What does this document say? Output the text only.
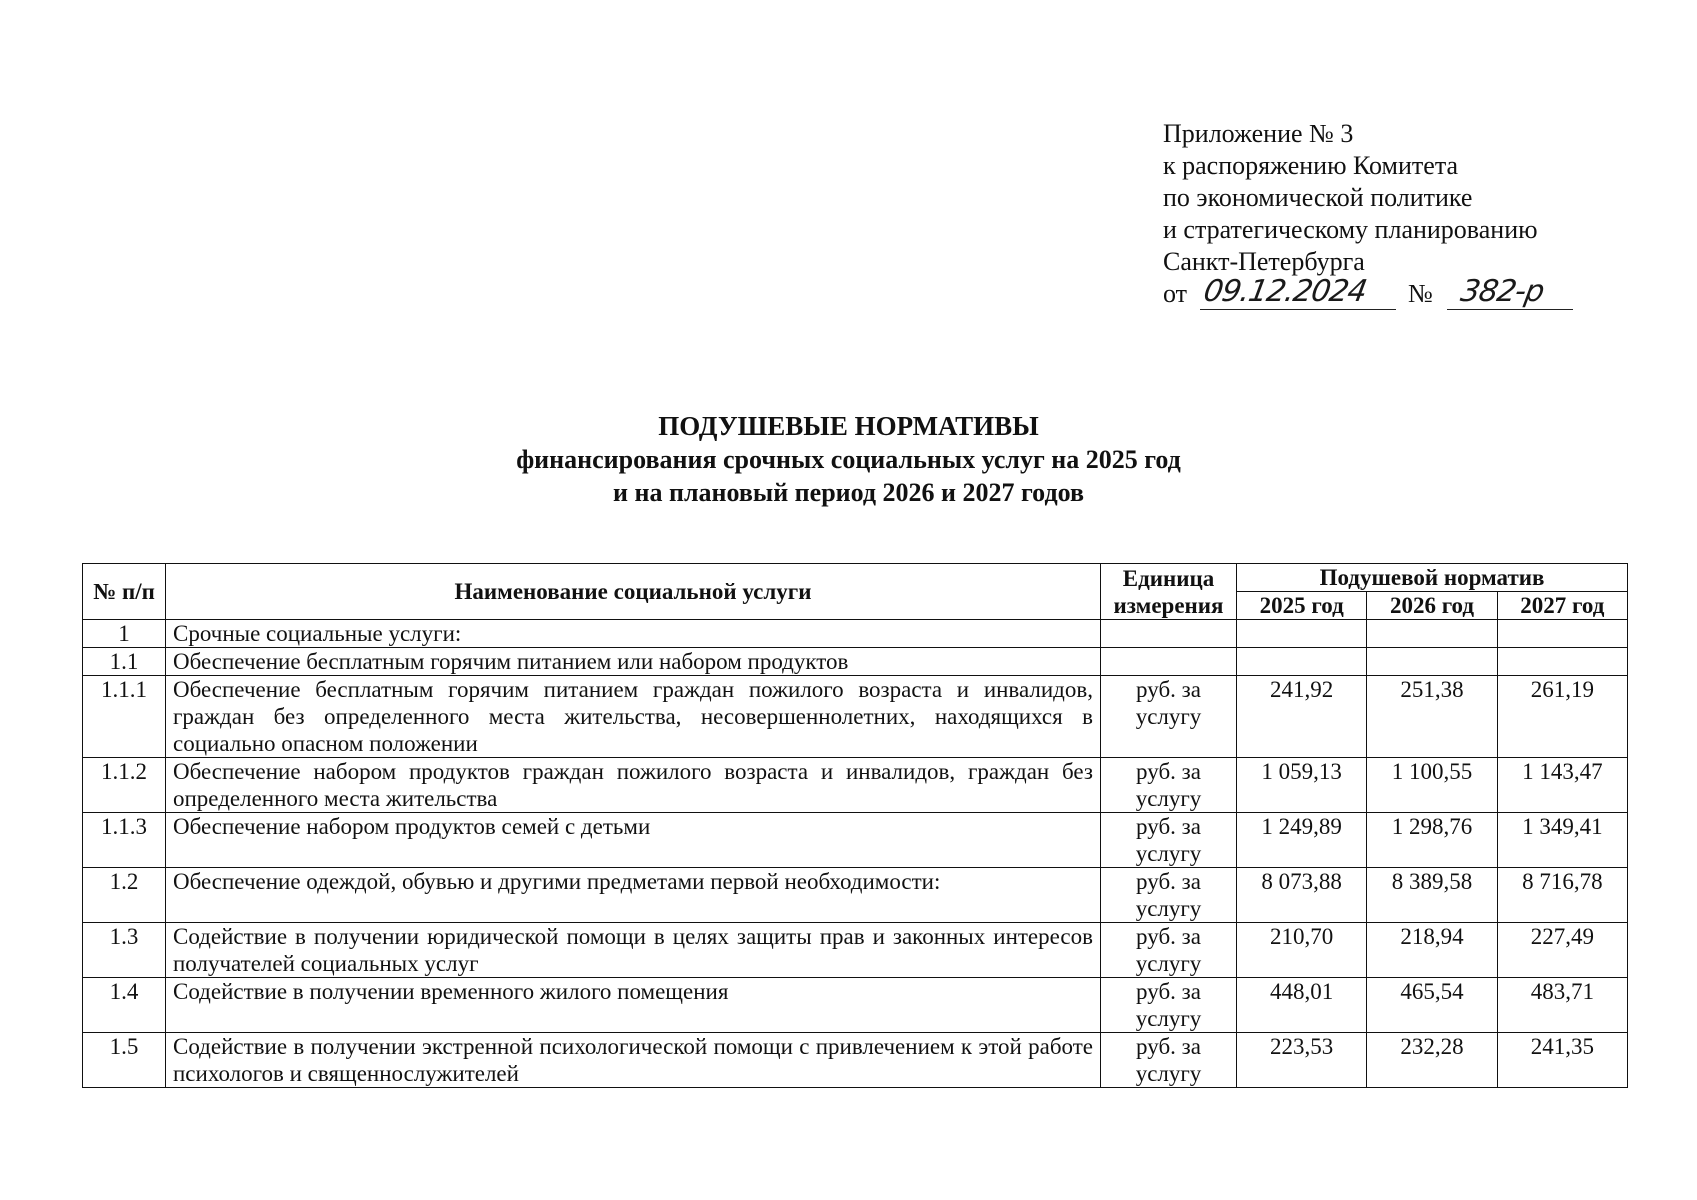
Приложение № 3
к распоряжению Комитета
по экономической политике
и стратегическому планированию
Санкт-Петербурга
от 09.12.2024 № 382-р
ПОДУШЕВЫЕ НОРМАТИВЫ
финансирования срочных социальных услуг на 2025 год
и на плановый период 2026 и 2027 годов
№ п/п	Наименование социальной услуги	Единица измерения	Подушевой норматив		
			2025 год	2026 год	2027 год
1	Срочные социальные услуги:				
1.1	Обеспечение бесплатным горячим питанием или набором продуктов				
1.1.1	Обеспечение бесплатным горячим питанием граждан пожилого возраста и инвалидов, граждан без определенного места жительства, несовершеннолетних, находящихся в социально опасном положении	руб. за услугу	241,92	251,38	261,19
1.1.2	Обеспечение набором продуктов граждан пожилого возраста и инвалидов, граждан без определенного места жительства	руб. за услугу	1 059,13	1 100,55	1 143,47
1.1.3	Обеспечение набором продуктов семей с детьми	руб. за услугу	1 249,89	1 298,76	1 349,41
1.2	Обеспечение одеждой, обувью и другими предметами первой необходимости:	руб. за услугу	8 073,88	8 389,58	8 716,78
1.3	Содействие в получении юридической помощи в целях защиты прав и законных интересов получателей социальных услуг	руб. за услугу	210,70	218,94	227,49
1.4	Содействие в получении временного жилого помещения	руб. за услугу	448,01	465,54	483,71
1.5	Содействие в получении экстренной психологической помощи с привлечением к этой работе психологов и священнослужителей	руб. за услугу	223,53	232,28	241,35
